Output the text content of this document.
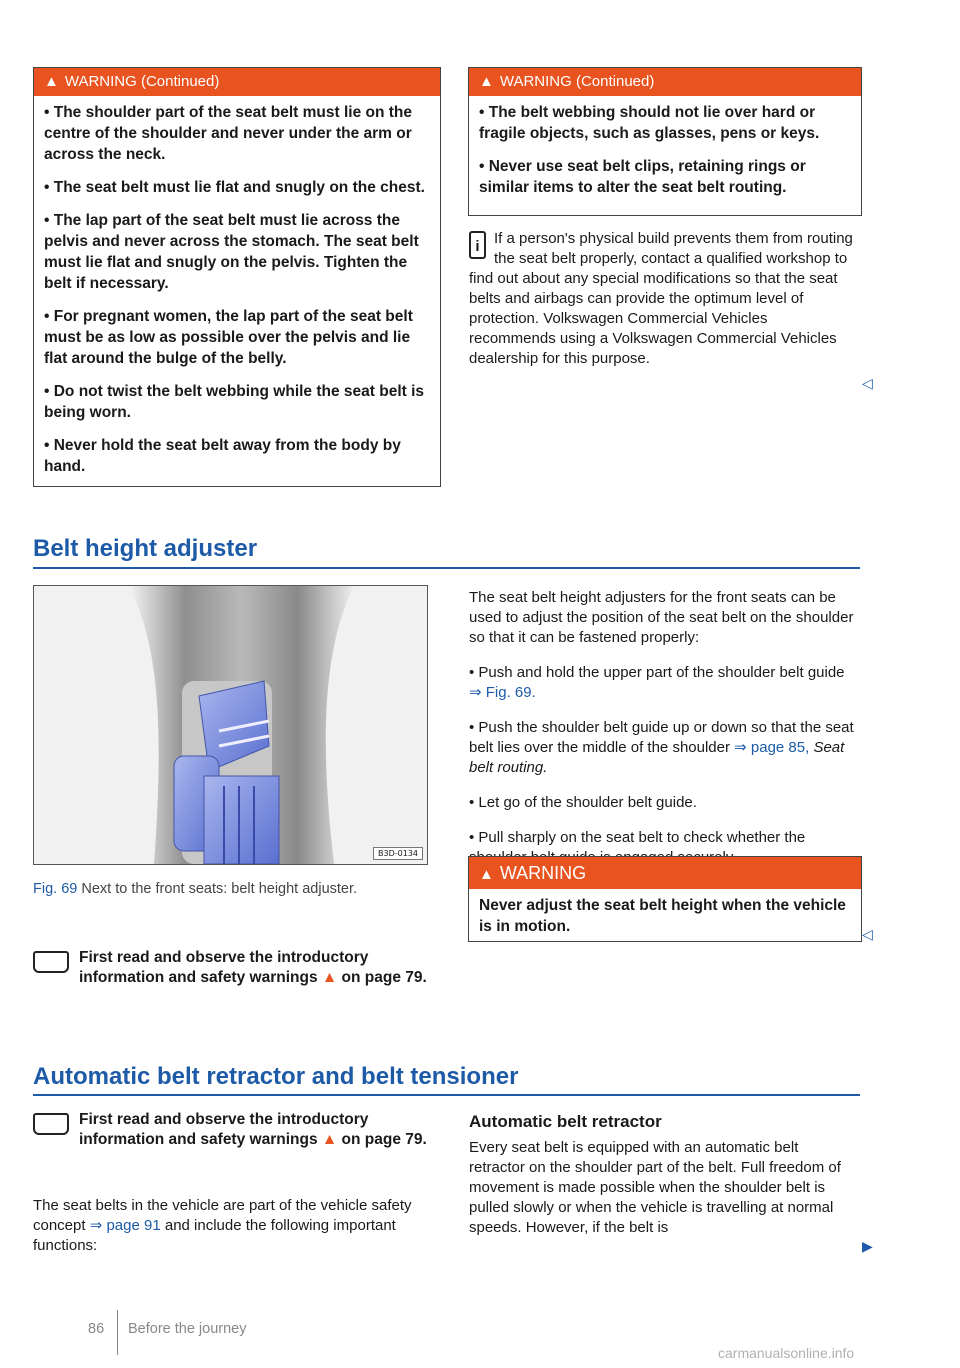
▲ WARNING (Continued)

• The shoulder part of the seat belt must lie on the centre of the shoulder and never under the arm or across the neck.

• The seat belt must lie flat and snugly on the chest.

• The lap part of the seat belt must lie across the pelvis and never across the stomach. The seat belt must lie flat and snugly on the pelvis. Tighten the belt if necessary.

• For pregnant women, the lap part of the seat belt must be as low as possible over the pelvis and lie flat around the bulge of the belly.

• Do not twist the belt webbing while the seat belt is being worn.

• Never hold the seat belt away from the body by hand.

▲ WARNING (Continued)

• The belt webbing should not lie over hard or fragile objects, such as glasses, pens or keys.

• Never use seat belt clips, retaining rings or similar items to alter the seat belt routing.

i If a person's physical build prevents them from routing the seat belt properly, contact a qualified workshop to find out about any special modifications so that the seat belts and airbags can provide the optimum level of protection. Volkswagen Commercial Vehicles recommends using a Volkswagen Commercial Vehicles dealership for this purpose.
◁
Belt height adjuster
B3D-0134
Fig. 69 Next to the front seats: belt height adjuster.
First read and observe the introductory information and safety warnings ▲ on page 79.

The seat belt height adjusters for the front seats can be used to adjust the position of the seat belt on the shoulder so that it can be fastened properly:

• Push and hold the upper part of the shoulder belt guide ⇒ Fig. 69.

• Push the shoulder belt guide up or down so that the seat belt lies over the middle of the shoulder ⇒ page 85, Seat belt routing.

• Let go of the shoulder belt guide.

• Pull sharply on the seat belt to check whether the

▲ WARNING

Never adjust the seat belt height when the vehicle is in motion.	◁
Automatic belt retractor and belt tensioner
First read and observe the introductory information and safety warnings ▲ on page 79.
The seat belts in the vehicle are part of the vehicle safety concept ⇒ page 91 and include the following important functions:
Automatic belt retractor
Every seat belt is equipped with an automatic belt retractor on the shoulder part of the belt. Full freedom of movement is made possible when the shoulder belt is pulled slowly or when the vehicle is travelling at normal speeds. However, if the belt is
▶
86 Before the journey
carmanualsonline.info
